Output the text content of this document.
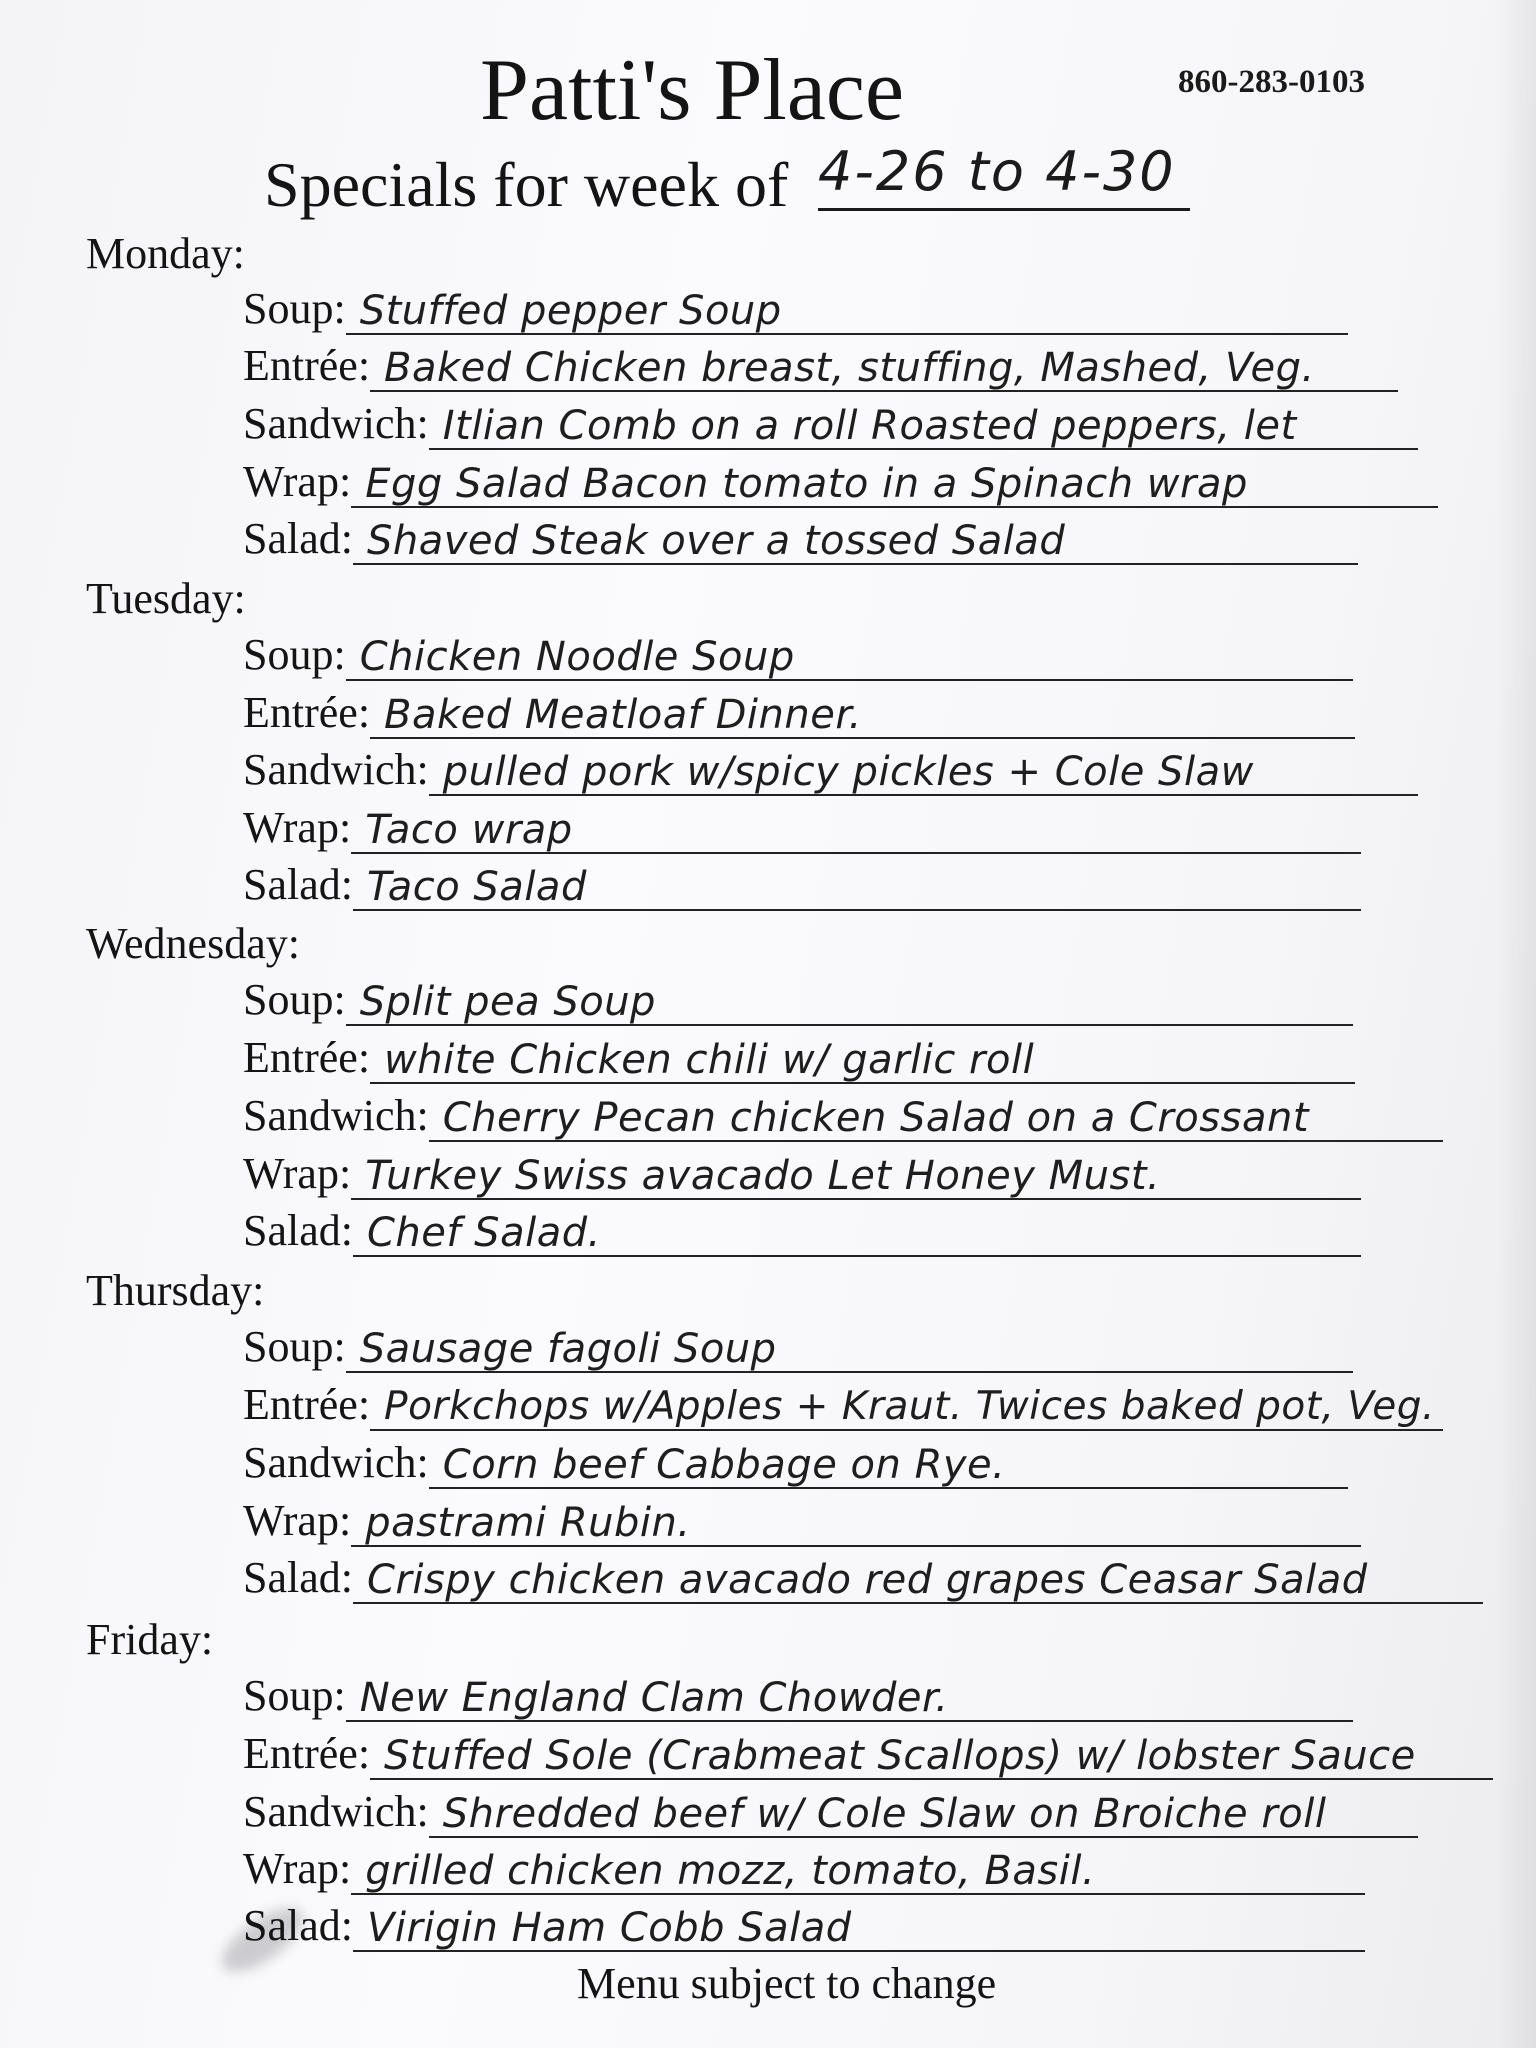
Patti's Place	860-283-0103
Specials for week of 4-26 to 4-30
Monday:
Soup: Stuffed pepper Soup
Entrée: Baked Chicken breast, stuffing, Mashed, Veg.
Sandwich: Itlian Comb on a roll Roasted peppers, let
Wrap: Egg Salad Bacon tomato in a Spinach wrap
Salad: Shaved Steak over a tossed Salad
Tuesday:
Soup: Chicken Noodle Soup
Entrée: Baked Meatloaf Dinner.
Sandwich: pulled pork w/spicy pickles + Cole Slaw
Wrap: Taco wrap
Salad: Taco Salad
Wednesday:
Soup: Split pea Soup
Entrée: white Chicken chili w/ garlic roll
Sandwich: Cherry Pecan chicken Salad on a Crossant
Wrap: Turkey Swiss avacado Let Honey Must.
Salad: Chef Salad.
Thursday:
Soup: Sausage fagoli Soup
Entrée: Porkchops w/Apples + Kraut. Twices baked pot, Veg.
Sandwich: Corn beef Cabbage on Rye.
Wrap: pastrami Rubin.
Salad: Crispy chicken avacado red grapes Ceasar Salad
Friday:
Soup: New England Clam Chowder.
Entrée: Stuffed Sole (Crabmeat Scallops) w/ lobster Sauce
Sandwich: Shredded beef w/ Cole Slaw on Broiche roll
Wrap: grilled chicken mozz, tomato, Basil.
Salad: Virigin Ham Cobb Salad
Menu subject to change
